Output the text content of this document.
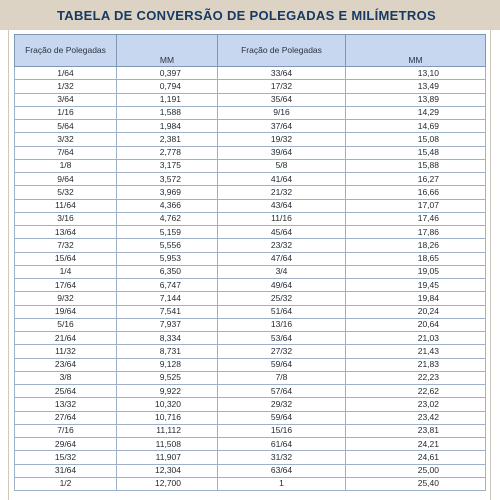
TABELA DE CONVERSÃO DE POLEGADAS E MILÍMETROS
Fração de Polegadas	MM	Fração de Polegadas	MM
1/64	0,397	33/64	13,10
1/32	0,794	17/32	13,49
3/64	1,191	35/64	13,89
1/16	1,588	9/16	14,29
5/64	1,984	37/64	14,69
3/32	2,381	19/32	15,08
7/64	2,778	39/64	15,48
1/8	3,175	5/8	15,88
9/64	3,572	41/64	16,27
5/32	3,969	21/32	16,66
11/64	4,366	43/64	17,07
3/16	4,762	11/16	17,46
13/64	5,159	45/64	17,86
7/32	5,556	23/32	18,26
15/64	5,953	47/64	18,65
1/4	6,350	3/4	19,05
17/64	6,747	49/64	19,45
9/32	7,144	25/32	19,84
19/64	7,541	51/64	20,24
5/16	7,937	13/16	20,64
21/64	8,334	53/64	21,03
11/32	8,731	27/32	21,43
23/64	9,128	59/64	21,83
3/8	9,525	7/8	22,23
25/64	9,922	57/64	22,62
13/32	10,320	29/32	23,02
27/64	10,716	59/64	23,42
7/16	11,112	15/16	23,81
29/64	11,508	61/64	24,21
15/32	11,907	31/32	24,61
31/64	12,304	63/64	25,00
1/2	12,700	1	25,40
